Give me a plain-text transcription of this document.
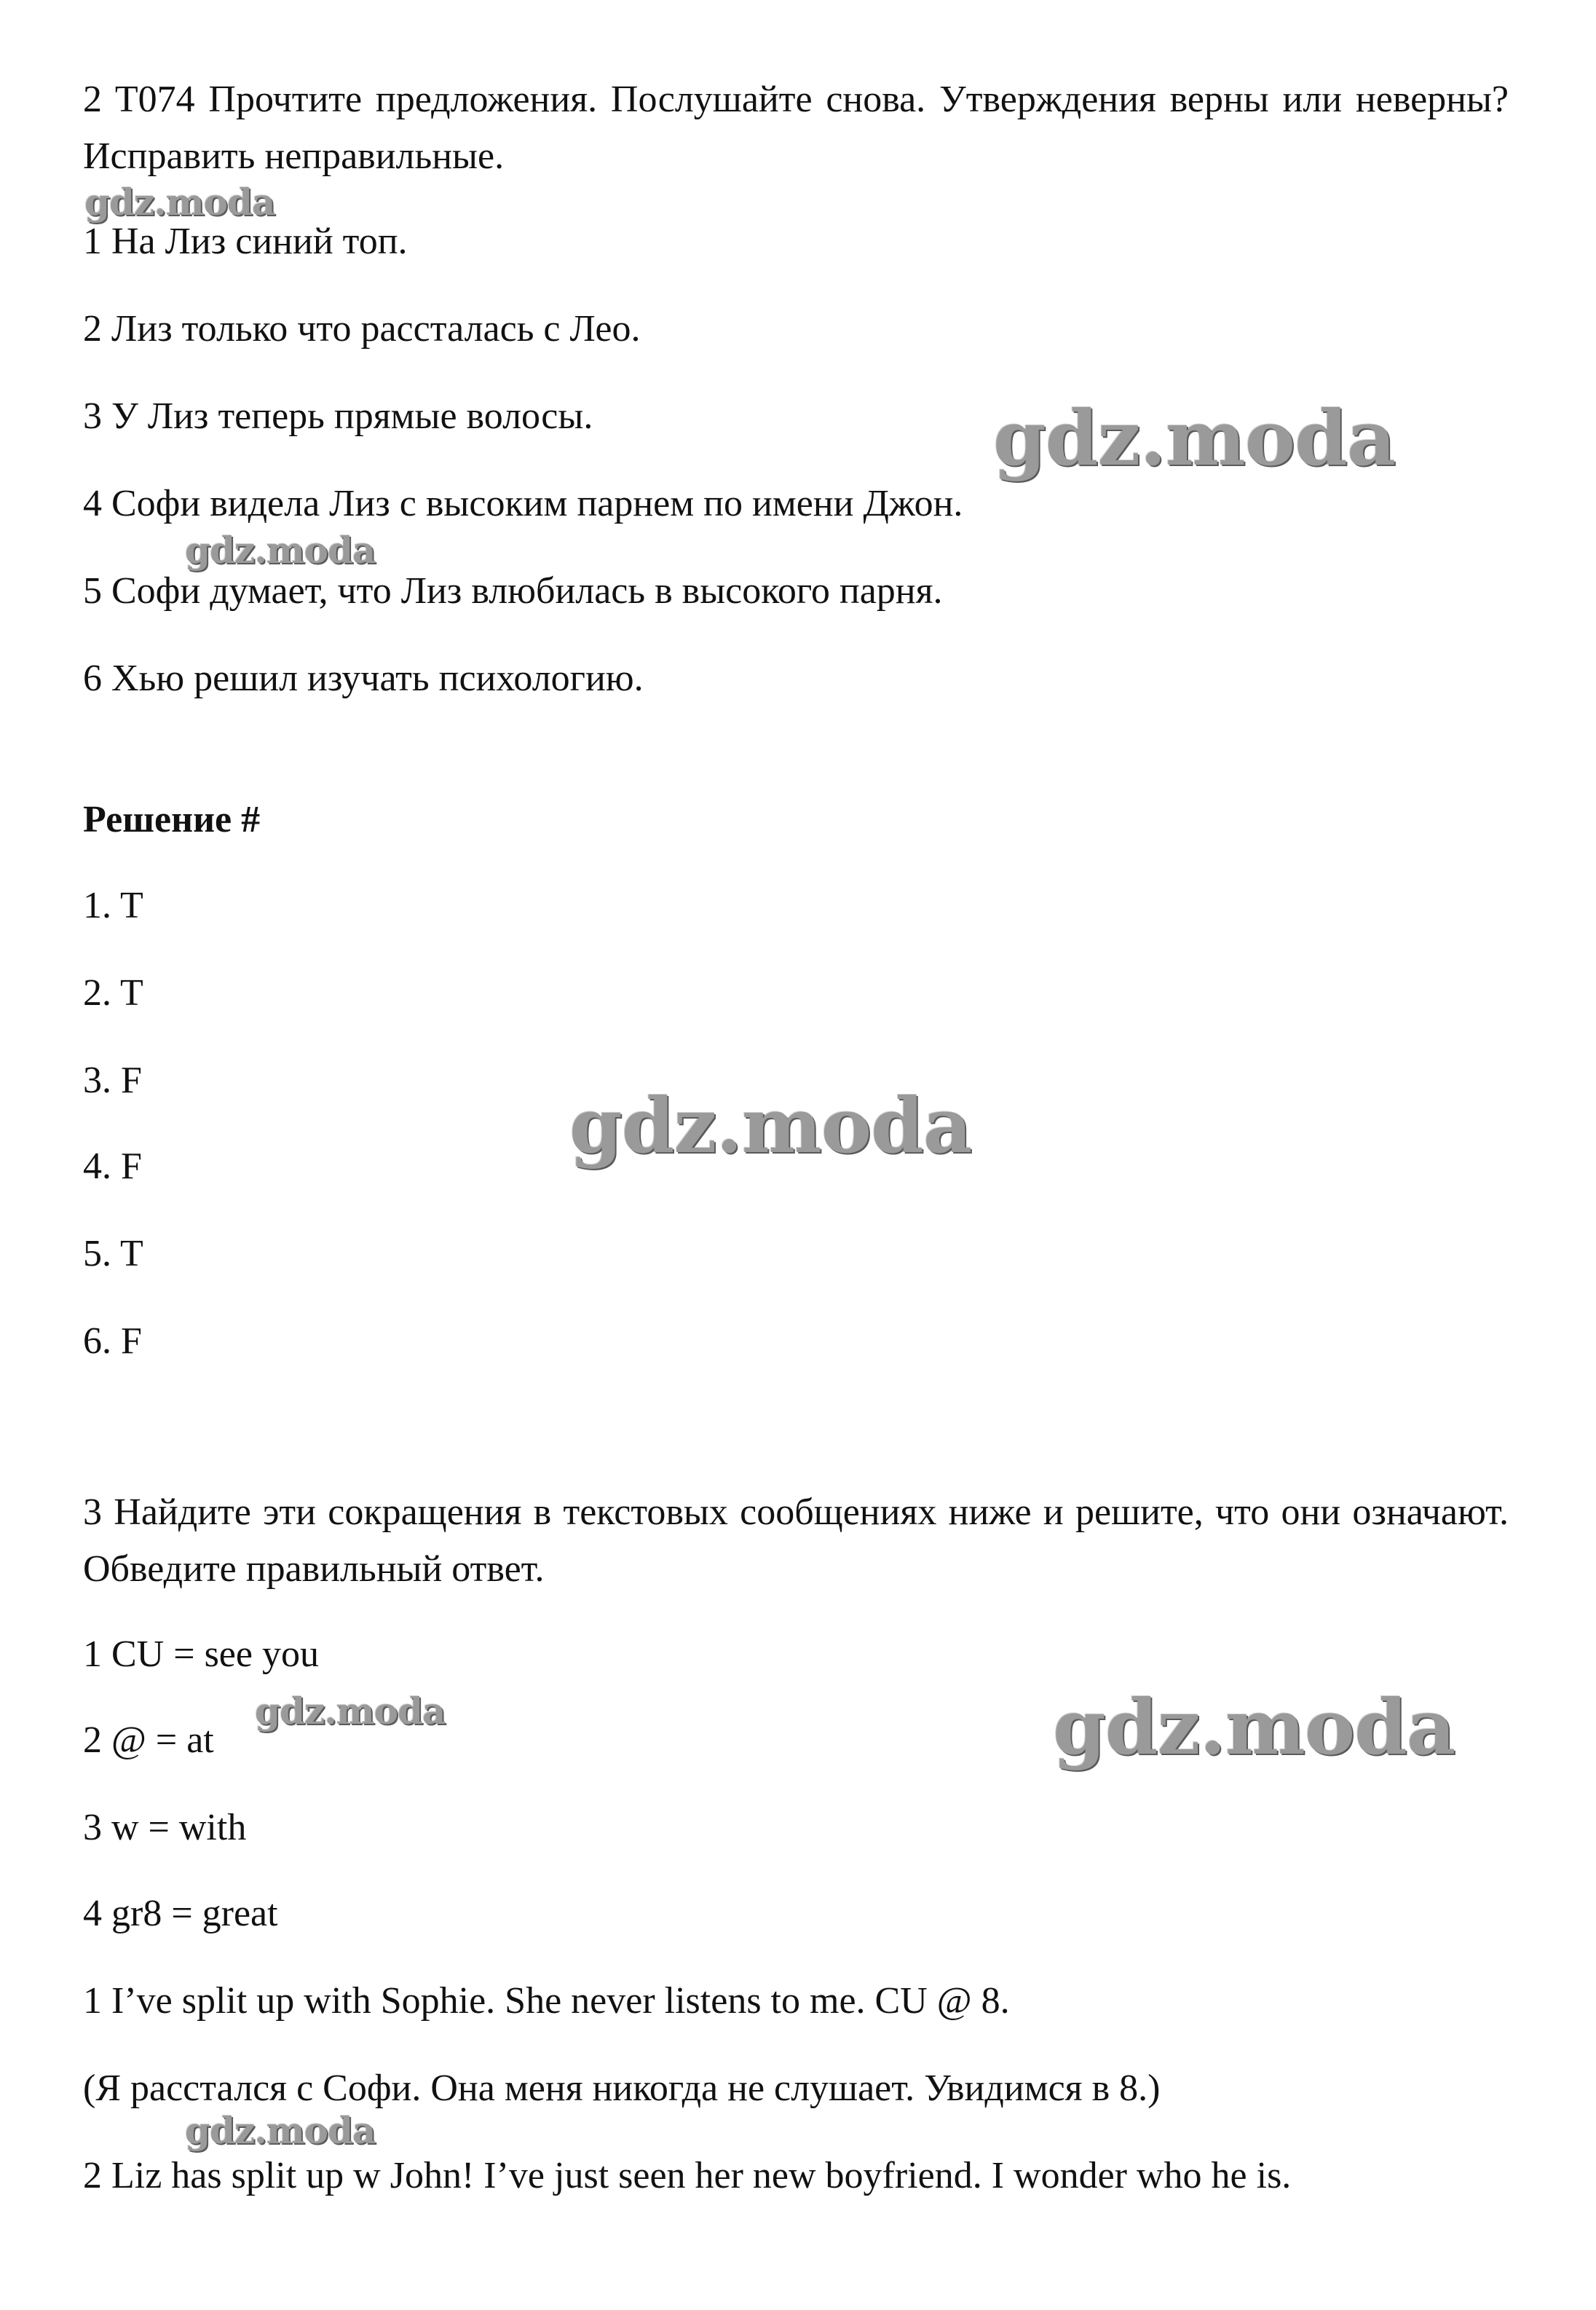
2 T074 Прочтите предложения. Послушайте снова. Утверждения верны или неверны? Исправить неправильные.
1 На Лиз синий топ.
2 Лиз только что рассталась с Лео.
3 У Лиз теперь прямые волосы.
4 Софи видела Лиз с высоким парнем по имени Джон.
5 Софи думает, что Лиз влюбилась в высокого парня.
6 Хью решил изучать психологию.
Решение #
1. T
2. T
3. F
4. F
5. T
6. F
3 Найдите эти сокращения в текстовых сообщениях ниже и решите, что они означают. Обведите правильный ответ.
1 CU = see you
2 @ = at
3 w = with
4 gr8 = great
1 I’ve split up with Sophie. She never listens to me. CU @ 8.
(Я расстался с Софи. Она меня никогда не слушает. Увидимся в 8.)
2 Liz has split up w John! I’ve just seen her new boyfriend. I wonder who he is.
gdz.moda
gdz.moda
gdz.moda
gdz.moda
gdz.moda
gdz.moda
gdz.moda
